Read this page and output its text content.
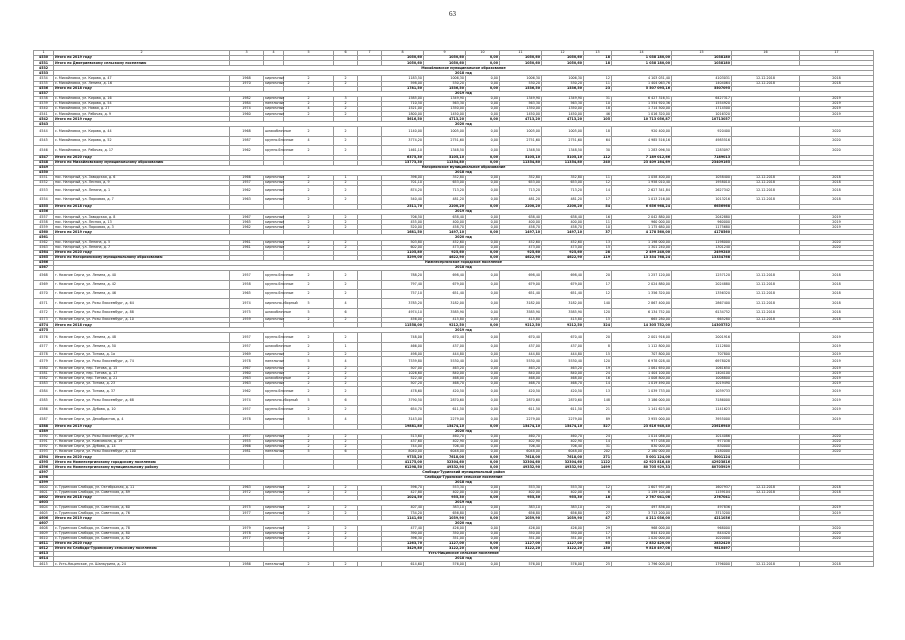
63
1	2	3	4	5	6	7	8	9	10	11	12	13	14	15	16	17
4530	Итого по 2019 году						1050,60	1050,60	0,00	1050,60	1050,60	18	1 038 180,00	1038180		
4531	Итого по Дмитриевскому сельскому поселению						1050,60	1050,60	0,00	1050,60	1050,60	18	1 038 180,00	1038180		
4532	Михайловское муниципальное образование															
4533	2018 год															
4534	с. Михайловка, ул. Кирова, д. 47	1968	кирпичные	2	2		1183,50	1006,30	0,00	1006,30	1006,30	12	4 103 031,40	4103031	12.12.2018	2018
4535	с. Михайловка, ул. Ленина, д. 16	1970	кирпичные	2	2		598,00	530,20	0,00	530,20	530,20	11	1 404 063,76	1404064	12.12.2018	2018
4536	Итого по 2018 году						1781,50	1536,50	0,00	1536,50	1536,50	23	5 507 095,16	5507095		
4537	2019 год															
4538	с. Михайловка, ул. Кирова, д. 16	1982	кирпичные	2	3		1585,00	1349,90	0,00	1349,90	1349,90	31	6 427 316,51	6427317		2019
4539	с. Михайловка, ул. Кирова, д. 54	1984	панельные	2	2		710,50	563,30	0,00	563,30	563,30	10	1 554 920,36	1554920		2019
4540	с. Михайловка, ул. Новая, д. 27	1974	кирпичные	4	2		1521,00	1350,00	0,00	1350,00	1350,00	18	1 714 500,00	1714500		2019
4541	с. Михайловка, ул. Рабочая, д. 9	1960	кирпичные	2	2		1800,00	1450,00	0,00	1450,00	1450,00	46	1 016 320,00	1016320		2019
4542	Итого по 2019 году						5616,50	4713,20	0,00	4713,20	4713,20	105	10 713 056,87	10713057		
4543	2020 год															
4544	с. Михайловка, ул. Кирова, д. 44	1968	шлакоблочные	2	2		1140,00	1005,00	0,00	1005,00	1005,00	18	920 400,00	920400		2020
4545	с. Михайловка, ул. Кирова, д. 52	1987	крупно-блочные	4	2		3774,20	2751,60	0,00	2751,60	2751,60	64	4 985 516,16	4985516		2020
4546	с. Михайловка, ул. Рабочая, д. 17	1962	крупно-блочные	2	2		1461,10	1348,50	0,00	1348,50	1348,50	30	1 283 096,50	1283097		2020
4547	Итого по 2020 году						6375,30	5105,10	0,00	5105,10	5105,10	112	7 189 012,66	7189013		
4548	Итого по Михайловскому муниципальному образованию						13773,30	11354,80	0,00	11354,80	11354,80	240	23 409 164,69	23409165		
4549	Нагорнинское муниципальное образование															
4550	2018 год															
4551	пос. Нагорный, ул. Заводская, д. 6	1966	кирпичные	2	1		396,00	352,80	0,00	352,80	352,80	11	1 058 400,00	1058400	12.12.2018	2018
4552	пос. Нагорный, ул. Лесная, д. 9	1957	кирпичные	2	2		701,10	653,00	0,00	653,00	653,00	12	1 958 010,40	1958010	12.12.2018	2018
4553	пос. Нагорный, ул. Ленина, д. 1	1962	кирпичные	2	2		874,20	713,20	0,00	713,20	713,20	14	2 627 341,84	2627342	12.12.2018	2018
4554	пос. Нагорный, ул. Парковая, д. 7	1963	кирпичные	2	2		540,40	481,20	0,00	481,20	481,20	17	1 013 216,00	1013216	12.12.2018	2018
4555	Итого по 2018 году						2511,70	2200,20	0,00	2200,20	2200,20	54	6 656 968,24	6656968		
4556	2019 год															
4557	пос. Нагорный, ул. Заводская, д. 8	1967	кирпичные	2	2		706,50	638,40	0,00	638,40	638,40	16	2 042 880,00	2042880		2019
4558	пос. Нагорный, ул. Лесная, д. 13	1965	кирпичные	2	2		455,00	400,00	0,00	400,00	400,00	11	960 000,00	960000		2019
4559	пос. Нагорный, ул. Парковая, д. 3	1962	кирпичные	2	2		520,00	458,70	0,00	458,70	458,70	10	1 175 680,00	1175680		2019
4560	Итого по 2019 году						1681,50	1497,10	0,00	1497,10	1497,10	37	4 178 560,00	4178560		
4561	2020 год															
4562	пос. Нагорный, ул. Ленина, д. 5	1961	кирпичные	2	2		503,80	452,60	0,00	452,60	452,60	13	1 198 000,00	1198000		2020
4563	пос. Нагорный, ул. Ленина, д. 7	1961	кирпичные	2	2		602,00	473,00	0,00	473,00	473,00	15	1 301 240,00	1301240		2020
4564	Итого по 2020 году						1105,80	925,60	0,00	925,60	925,60	28	2 499 240,00	2499240		
4565	Итого по Нагорнинскому муниципальному образованию						5299,00	4622,90	0,00	4622,90	4622,90	119	13 334 768,24	13334768		
4566	Нижнесергинское городское поселение															
4567	2018 год															
4568	г. Нижние Серги, ул. Ленина, д. 40	1957	крупно-блочные	2	2		788,20	698,40	0,00	698,40	698,40	20	1 257 120,00	1257120	12.12.2018	2018
4569	г. Нижние Серги, ул. Ленина, д. 42	1958	крупно-блочные	2	2		797,40	679,00	0,00	679,00	679,00	17	2 024 880,00	2024880	12.12.2018	2018
4570	г. Нижние Серги, ул. Ленина, д. 46	1965	крупно-блочные	2	2		757,10	651,40	0,00	651,40	651,40	12	1 356 320,00	1356320	12.12.2018	2018
4571	г. Нижние Серги, ул. Розы Люксембург, д. 64	1974	кирпично-сборный	5	4		3785,20	3182,00	0,00	3182,00	3182,00	140	2 867 400,00	2867400	12.12.2018	2018
4572	г. Нижние Серги, ул. Розы Люксембург, д. 88	1975	шлакоблочные	5	6		4974,10	3585,90	0,00	3585,90	3585,90	120	6 134 752,00	6134752	12.12.2018	2018
4573	г. Нижние Серги, ул. Розы Люксембург, д. 10	1959	кирпичные	2	2		456,00	415,80	0,00	415,80	415,80	15	665 280,00	665280	12.12.2018	2018
4574	Итого по 2018 году						11558,00	9212,50	0,00	9212,50	9212,50	324	14 305 752,00	14305752		
4575	2019 год															
4576	г. Нижние Серги, ул. Ленина, д. 48	1957	крупно-блочные	2	2		748,00	670,40	0,00	670,40	670,40	20	2 001 916,00	2001916		2019
4577	г. Нижние Серги, ул. Ленина, д. 50	1957	шлакоблочные	2	1		466,00	437,00	0,00	437,00	437,00	8	1 112 800,00	1112800		2019
4578	г. Нижние Серги, ул. Титова, д. 1а	1969	кирпичные	2	2		498,00	444,80	0,00	444,80	444,80	15	707 800,00	707800		2019
4579	г. Нижние Серги, ул. Розы Люксембург, д. 74	1978	панельные	5	4		7539,80	5530,40	0,00	5530,40	5530,40	120	6 978 028,40	6978028		2019
4580	г. Нижние Серги, пер. Титова, д. 15	1967	кирпичные	2	2		507,00	463,20	0,00	463,20	463,20	19	1 061 650,00	1061650		2019
4581	г. Нижние Серги, пер. Титова, д. 17	1960	кирпичные	2	2		1026,60	840,00	0,00	840,00	840,00	24	1 404 100,00	1404100		2019
4582	г. Нижние Серги, пер. Титова, д. 21	1963	шлакоблочные	2	2		522,40	468,00	0,00	468,00	468,00	16	1 008 800,00	1008800		2019
4583	г. Нижние Серги, ул. Титова, д. 23	1963	кирпичные	2	2		507,20	468,70	0,00	468,70	468,70	14	1 019 490,00	1019490		2019
4584	г. Нижние Серги, ул. Титова, д. 37	1962	крупно-блочные	2	2		478,60	420,50	0,00	420,50	420,50	13	1 039 733,00	1039733		2019
4585	г. Нижние Серги, ул. Розы Люксембург, д. 68	1974	кирпично-сборный	5	6		3790,50	2870,60	0,00	2870,60	2870,60	148	3 186 000,00	3186000		2019
4586	г. Нижние Серги, ул. Дубова, д. 10	1957	крупно-блочные	2	2		654,70	611,50	0,00	611,50	611,50	21	1 141 623,00	1141623		2019
4587	г. Нижние Серги, ул. Декабристов, д. 4	1978	кирпичные	5	4		3143,00	2279,00	0,00	2279,00	2279,00	89	3 955 000,00	3955000		2019
4588	Итого по 2019 году						19881,80	15474,10	0,00	15474,10	15474,10	527	23 616 940,40	23616940		
4589	2020 год															
4590	г. Нижние Серги, ул. Розы Люксембург, д. 79	1957	кирпичные	2	2		513,60	460,70	0,00	460,70	460,70	24	1 014 086,00	1014086		2020
4591	г. Нижние Серги, ул. Комсомола, д. 19	1955	кирпичные	2	2		437,60	402,90	0,00	402,90	402,90	14	977 038,00	977038		2020
4592	г. Нижние Серги, ул. Дубова, д. 14	1966	кирпичные	2	2		744,00	706,40	0,00	706,40	706,40	31	830 000,00	830000		2020
4593	г. Нижние Серги, ул. Розы Люксембург, д. 100	1981	панельные	5	6		8040,00	6048,00	0,00	6048,00	6048,00	202	2 180 000,00	2180000		2020
4594	Итого по 2020 году						9735,20	7618,00	0,00	7618,00	7618,00	271	5 001 124,00	5001124		
4595	Итого по Нижнесергинскому городскому поселению						41175,00	32304,60	0,00	32304,60	32304,60	1122	42 923 816,40	42923816		
4596	Итого по Нижнесергинскому муниципальному району						61298,50	49332,90	0,00	49332,90	49332,90	1499	80 705 929,33	80705929		
4597	Слободо-Туринский муниципальный район															
4598	Слободо-Туринское сельское поселение															
4599	2018 год															
4600	с. Туринская Слобода, ул. Октябрьская, д. 11	1963	кирпичные	2	2		596,70	553,30	0,00	553,30	553,30	12	1 607 937,08	1607937	12.12.2018	2018
4601	с. Туринская Слобода, ул. Советская, д. 89	1972	кирпичные	2	2		427,80	402,00	0,00	402,00	402,00	6	1 159 104,00	1159104	12.12.2018	2018
4602	Итого по 2018 году						1024,50	955,30	0,00	955,30	955,30	18	2 767 041,08	2767041		
4603	2019 год															
4604	с. Туринская Слобода, ул. Советская, д. 60	1975	кирпичные	2	2		407,40	383,10	0,00	383,10	383,10	20	497 836,00	497836		2019
4605	с. Туринская Слобода, ул. Советская, д. 76	1977	кирпичные	2	2		734,20	656,80	0,00	656,80	656,80	27	3 713 200,00	3713200		2019
4606	Итого по 2019 году						1141,60	1039,90	0,00	1039,90	1039,90	47	4 211 036,00	4211036		
4607	2020 год															
4608	с. Туринская Слобода, ул. Советская, д. 78	1979	кирпичные	2	2		477,40	426,00	0,00	426,00	426,00	29	968 000,00	968000		2020
4609	с. Туринская Слобода, ул. Советская, д. 80	1978	кирпичные	2	2		390,00	350,00	0,00	350,00	350,00	17	844 420,00	844420		2020
4610	с. Туринская Слобода, ул. Советская, д. 82	1977	кирпичные	2	2		396,30	351,00	0,00	351,00	351,00	19	1 020 000,00	1020000		2020
4611	Итого по 2020 году						1263,70	1127,00	0,00	1127,00	1127,00	65	2 832 420,00	2832420		
4612	Итого по Слободо-Туринскому сельскому поселению						3429,80	3122,20	0,00	3122,20	3122,20	130	9 810 497,08	9810497		
4613	Усть-Ницинское сельское поселение															
4614	2018 год															
4615	с. Усть-Ницинское, ул. Шанаурина, д. 24	1986	панельные	2	2		614,60	576,00	0,00	576,00	576,00	25	1 796 000,00	1796000	12.12.2018	2018
